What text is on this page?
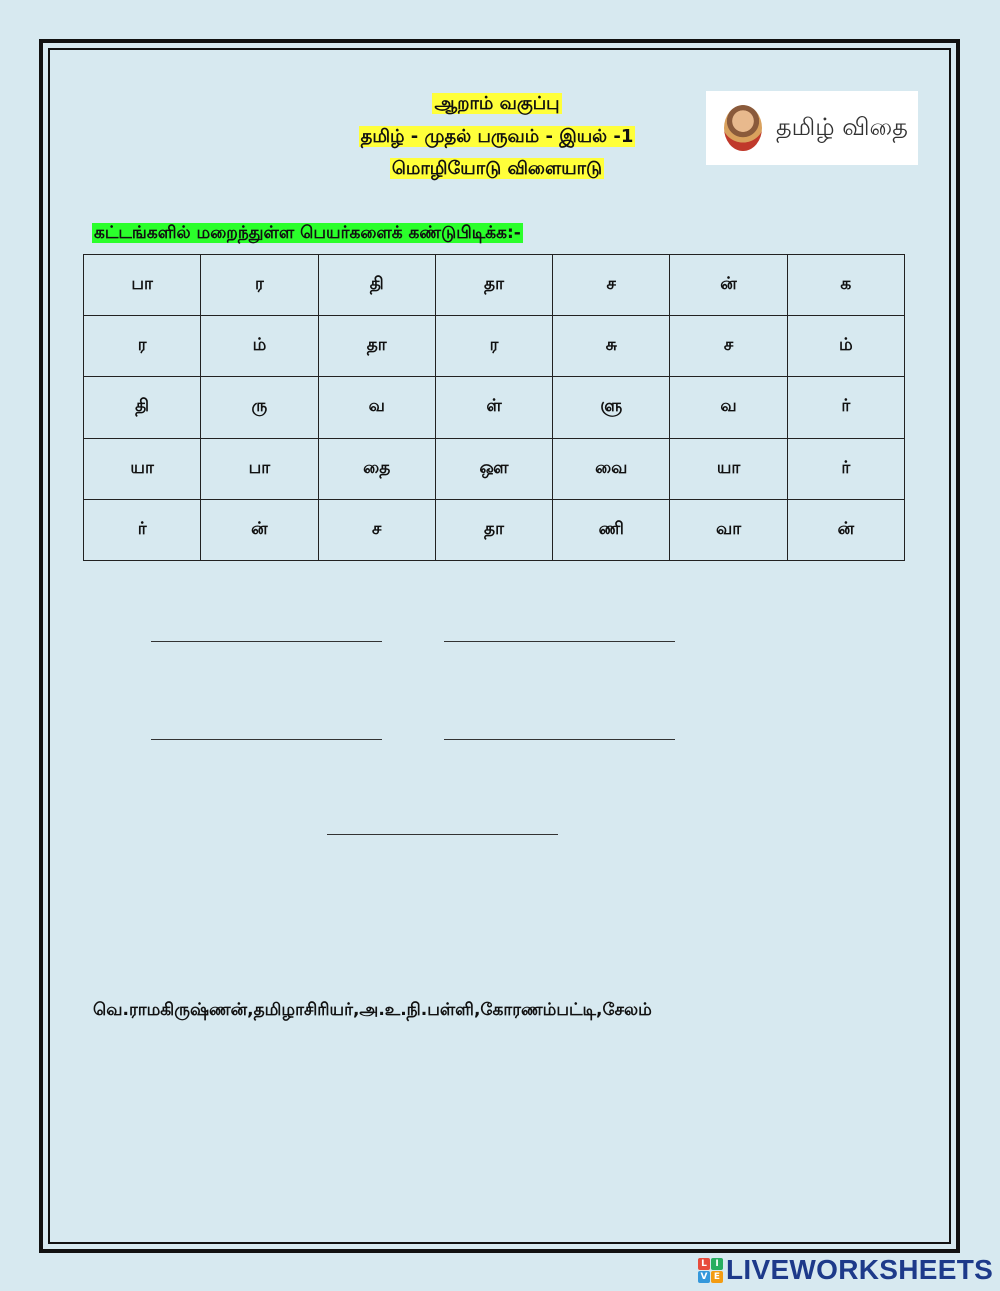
ஆறாம் வகுப்பு
தமிழ் - முதல் பருவம் - இயல் -1
மொழியோடு விளையாடு
தமிழ் விதை
கட்டங்களில் மறைந்துள்ள பெயர்களைக் கண்டுபிடிக்க:-
பா	ர	தி	தா	ச	ன்	க
ர	ம்	தா	ர	சு	ச	ம்
தி	ரு	வ	ள்	ளு	வ	ர்
யா	பா	தை	ஔ	வை	யா	ர்
ர்	ன்	ச	தா	ணி	வா	ன்
வெ.ராமகிருஷ்ணன்,தமிழாசிரியர்,அ.உ.நி.பள்ளி,கோரணம்பட்டி,சேலம்
L I
V E LIVEWORKSHEETS
